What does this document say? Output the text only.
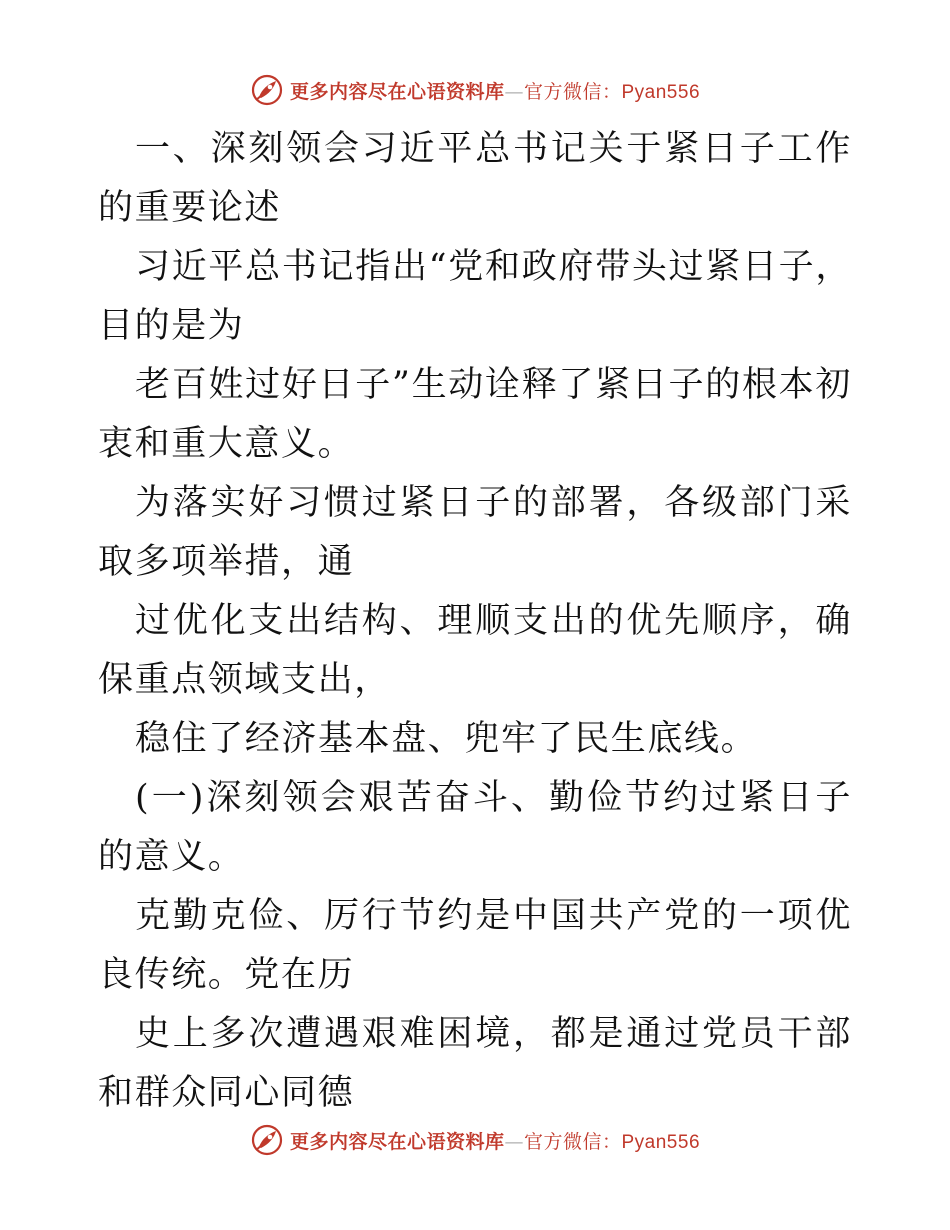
更多内容尽在心语资料库—官方微信：Pyan556

一、深刻领会习近平总书记关于紧日子工作的重要论述

习近平总书记指出“党和政府带头过紧日子，目的是为

老百姓过好日子”生动诠释了紧日子的根本初衷和重大意义。

为落实好习惯过紧日子的部署，各级部门采取多项举措，通

过优化支出结构、理顺支出的优先顺序，确保重点领域支出，

稳住了经济基本盘、兜牢了民生底线。

(一)深刻领会艰苦奋斗、勤俭节约过紧日子的意义。

克勤克俭、厉行节约是中国共产党的一项优良传统。党在历

史上多次遭遇艰难困境，都是通过党员干部和群众同心同德

更多内容尽在心语资料库—官方微信：Pyan556
